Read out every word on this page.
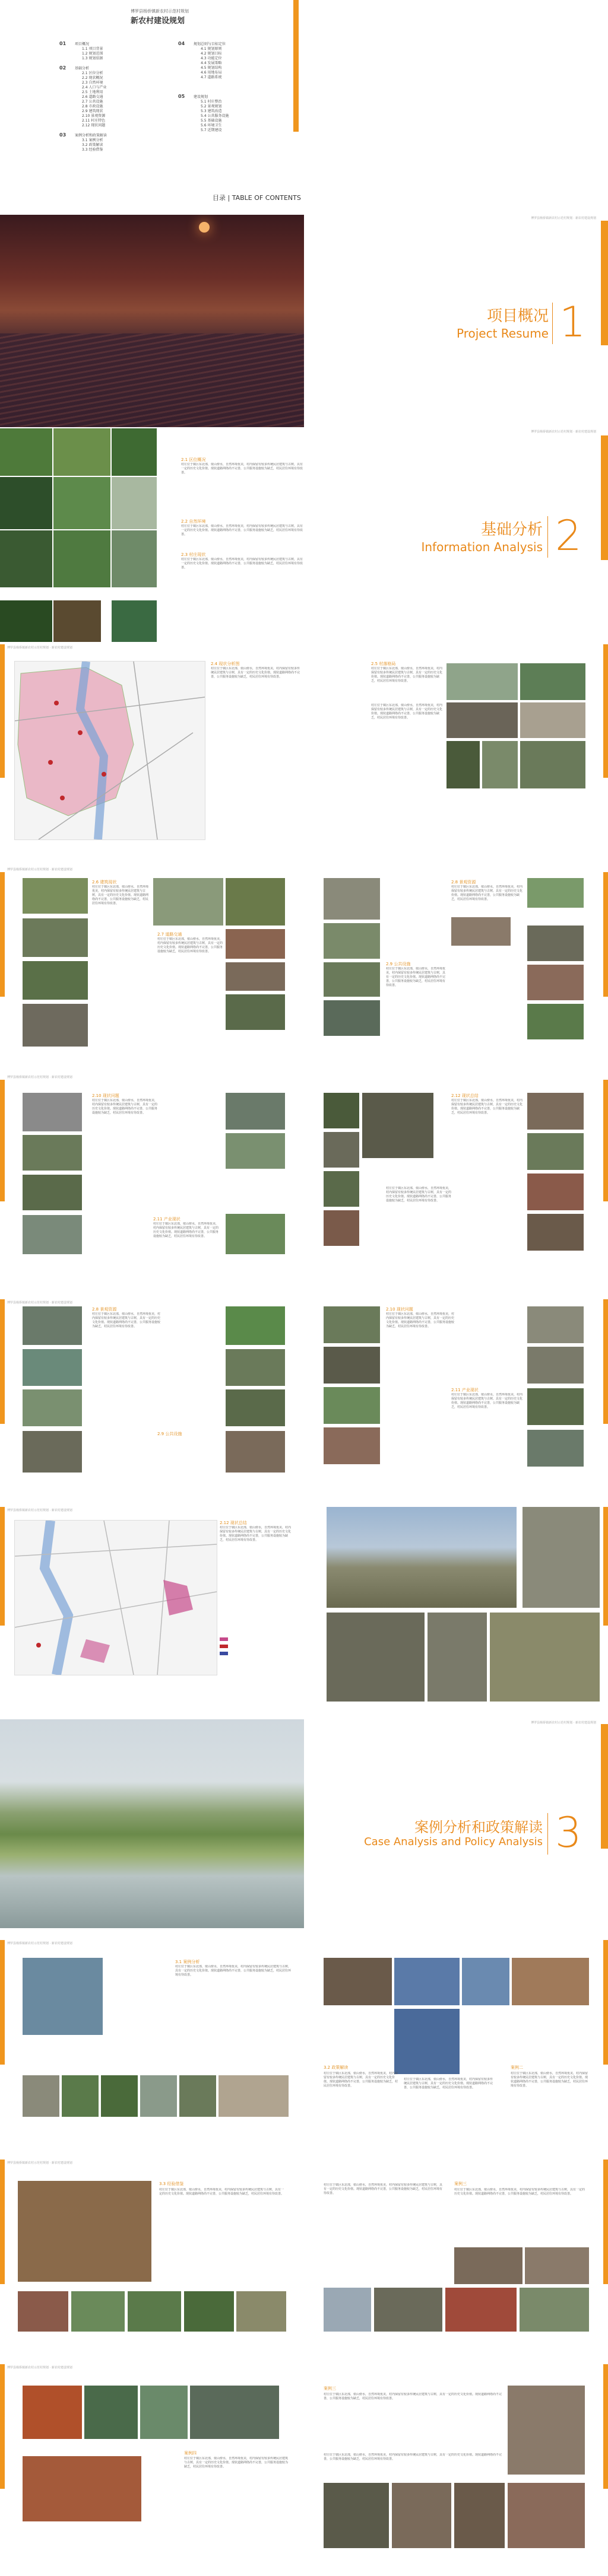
博罗县杨侨镇新农村示范村规划
新农村建设规划
01 项目概况
1.1 项目背景
1.2 规划范围
1.3 规划依据
02 基础分析
2.1 区位分析
2.2 现状概况
2.3 自然环境
2.4 人口与产业
2.5 土地利用
2.6 道路交通
2.7 公共设施
2.8 市政设施
2.9 建筑现状
2.10 景观资源
2.11 村庄特色
2.12 现状问题
03 案例分析和政策解读
3.1 案例分析
3.2 政策解读
3.3 经验借鉴
04 规划总则与目标定位
4.1 规划原则
4.2 规划目标
4.3 功能定位
4.4 发展策略
4.5 规划结构
4.6 用地布局
4.7 道路系统
05 建设规划
5.1 村庄整治
5.2 景观规划
5.3 建筑改造
5.4 公共服务设施
5.5 基础设施
5.6 环境卫生
5.7 近期建设
目录 | TABLE OF CONTENTS
博罗县杨侨镇新农村示范村规划 · 新农村建设规划
项目概况
Project Resume 1
博罗县杨侨镇新农村示范村规划 · 新农村建设规划
2.1 区位概况
村庄位于镇区东北部，依山傍水，自然环境优美，村内保留有较多传统民居建筑与古树，具有一定的历史文化价值。现状道路网络尚不完善，公共服务设施较为缺乏，村民居住环境有待改善。
2.2 自然环境
村庄位于镇区东北部，依山傍水，自然环境优美，村内保留有较多传统民居建筑与古树，具有一定的历史文化价值。现状道路网络尚不完善，公共服务设施较为缺乏，村民居住环境有待改善。
2.3 村庄现状
村庄位于镇区东北部，依山傍水，自然环境优美，村内保留有较多传统民居建筑与古树，具有一定的历史文化价值。现状道路网络尚不完善，公共服务设施较为缺乏，村民居住环境有待改善。
基础分析
Information Analysis 2
博罗县杨侨镇新农村示范村规划 · 新农村建设规划
2.4 现状分析图
村庄位于镇区东北部，依山傍水，自然环境优美，村内保留有较多传统民居建筑与古树，具有一定的历史文化价值。现状道路网络尚不完善，公共服务设施较为缺乏，村民居住环境有待改善。
2.5 村落格局
村庄位于镇区东北部，依山傍水，自然环境优美，村内保留有较多传统民居建筑与古树，具有一定的历史文化价值。现状道路网络尚不完善，公共服务设施较为缺乏，村民居住环境有待改善。
村庄位于镇区东北部，依山傍水，自然环境优美，村内保留有较多传统民居建筑与古树，具有一定的历史文化价值。现状道路网络尚不完善，公共服务设施较为缺乏，村民居住环境有待改善。
博罗县杨侨镇新农村示范村规划 · 新农村建设规划
2.6 建筑现状
村庄位于镇区东北部，依山傍水，自然环境优美，村内保留有较多传统民居建筑与古树，具有一定的历史文化价值。现状道路网络尚不完善，公共服务设施较为缺乏，村民居住环境有待改善。
2.7 道路交通
村庄位于镇区东北部，依山傍水，自然环境优美，村内保留有较多传统民居建筑与古树，具有一定的历史文化价值。现状道路网络尚不完善，公共服务设施较为缺乏，村民居住环境有待改善。
2.8 景观资源
村庄位于镇区东北部，依山傍水，自然环境优美，村内保留有较多传统民居建筑与古树，具有一定的历史文化价值。现状道路网络尚不完善，公共服务设施较为缺乏，村民居住环境有待改善。
2.9 公共设施
村庄位于镇区东北部，依山傍水，自然环境优美，村内保留有较多传统民居建筑与古树，具有一定的历史文化价值。现状道路网络尚不完善，公共服务设施较为缺乏，村民居住环境有待改善。
博罗县杨侨镇新农村示范村规划 · 新农村建设规划
2.10 现状问题
村庄位于镇区东北部，依山傍水，自然环境优美，村内保留有较多传统民居建筑与古树，具有一定的历史文化价值。现状道路网络尚不完善，公共服务设施较为缺乏，村民居住环境有待改善。
2.11 产业现状
村庄位于镇区东北部，依山傍水，自然环境优美，村内保留有较多传统民居建筑与古树，具有一定的历史文化价值。现状道路网络尚不完善，公共服务设施较为缺乏，村民居住环境有待改善。
2.12 现状总结
村庄位于镇区东北部，依山傍水，自然环境优美，村内保留有较多传统民居建筑与古树，具有一定的历史文化价值。现状道路网络尚不完善，公共服务设施较为缺乏，村民居住环境有待改善。
村庄位于镇区东北部，依山傍水，自然环境优美，村内保留有较多传统民居建筑与古树，具有一定的历史文化价值。现状道路网络尚不完善，公共服务设施较为缺乏，村民居住环境有待改善。
博罗县杨侨镇新农村示范村规划 · 新农村建设规划
2.8 景观资源
村庄位于镇区东北部，依山傍水，自然环境优美，村内保留有较多传统民居建筑与古树，具有一定的历史文化价值。现状道路网络尚不完善，公共服务设施较为缺乏，村民居住环境有待改善。
2.9 公共设施
2.10 现状问题
村庄位于镇区东北部，依山傍水，自然环境优美，村内保留有较多传统民居建筑与古树，具有一定的历史文化价值。现状道路网络尚不完善，公共服务设施较为缺乏，村民居住环境有待改善。
2.11 产业现状
村庄位于镇区东北部，依山傍水，自然环境优美，村内保留有较多传统民居建筑与古树，具有一定的历史文化价值。现状道路网络尚不完善，公共服务设施较为缺乏，村民居住环境有待改善。
博罗县杨侨镇新农村示范村规划 · 新农村建设规划
2.12 现状总结
村庄位于镇区东北部，依山傍水，自然环境优美，村内保留有较多传统民居建筑与古树，具有一定的历史文化价值。现状道路网络尚不完善，公共服务设施较为缺乏，村民居住环境有待改善。
博罗县杨侨镇新农村示范村规划 · 新农村建设规划
案例分析和政策解读
Case Analysis and Policy Analysis 3
博罗县杨侨镇新农村示范村规划 · 新农村建设规划
3.1 案例分析
村庄位于镇区东北部，依山傍水，自然环境优美，村内保留有较多传统民居建筑与古树，具有一定的历史文化价值。现状道路网络尚不完善，公共服务设施较为缺乏，村民居住环境有待改善。
3.2 政策解读
村庄位于镇区东北部，依山傍水，自然环境优美，村内保留有较多传统民居建筑与古树，具有一定的历史文化价值。现状道路网络尚不完善，公共服务设施较为缺乏，村民居住环境有待改善。
村庄位于镇区东北部，依山傍水，自然环境优美，村内保留有较多传统民居建筑与古树，具有一定的历史文化价值。现状道路网络尚不完善，公共服务设施较为缺乏，村民居住环境有待改善。
案例二
村庄位于镇区东北部，依山傍水，自然环境优美，村内保留有较多传统民居建筑与古树，具有一定的历史文化价值。现状道路网络尚不完善，公共服务设施较为缺乏，村民居住环境有待改善。
博罗县杨侨镇新农村示范村规划 · 新农村建设规划
3.3 经验借鉴
村庄位于镇区东北部，依山傍水，自然环境优美，村内保留有较多传统民居建筑与古树，具有一定的历史文化价值。现状道路网络尚不完善，公共服务设施较为缺乏，村民居住环境有待改善。
村庄位于镇区东北部，依山傍水，自然环境优美，村内保留有较多传统民居建筑与古树，具有一定的历史文化价值。现状道路网络尚不完善，公共服务设施较为缺乏，村民居住环境有待改善。
案例三
村庄位于镇区东北部，依山傍水，自然环境优美，村内保留有较多传统民居建筑与古树，具有一定的历史文化价值。现状道路网络尚不完善，公共服务设施较为缺乏，村民居住环境有待改善。
博罗县杨侨镇新农村示范村规划 · 新农村建设规划
案例四
村庄位于镇区东北部，依山傍水，自然环境优美，村内保留有较多传统民居建筑与古树，具有一定的历史文化价值。现状道路网络尚不完善，公共服务设施较为缺乏，村民居住环境有待改善。
案例三
村庄位于镇区东北部，依山傍水，自然环境优美，村内保留有较多传统民居建筑与古树，具有一定的历史文化价值。现状道路网络尚不完善，公共服务设施较为缺乏，村民居住环境有待改善。
村庄位于镇区东北部，依山傍水，自然环境优美，村内保留有较多传统民居建筑与古树，具有一定的历史文化价值。现状道路网络尚不完善，公共服务设施较为缺乏，村民居住环境有待改善。
